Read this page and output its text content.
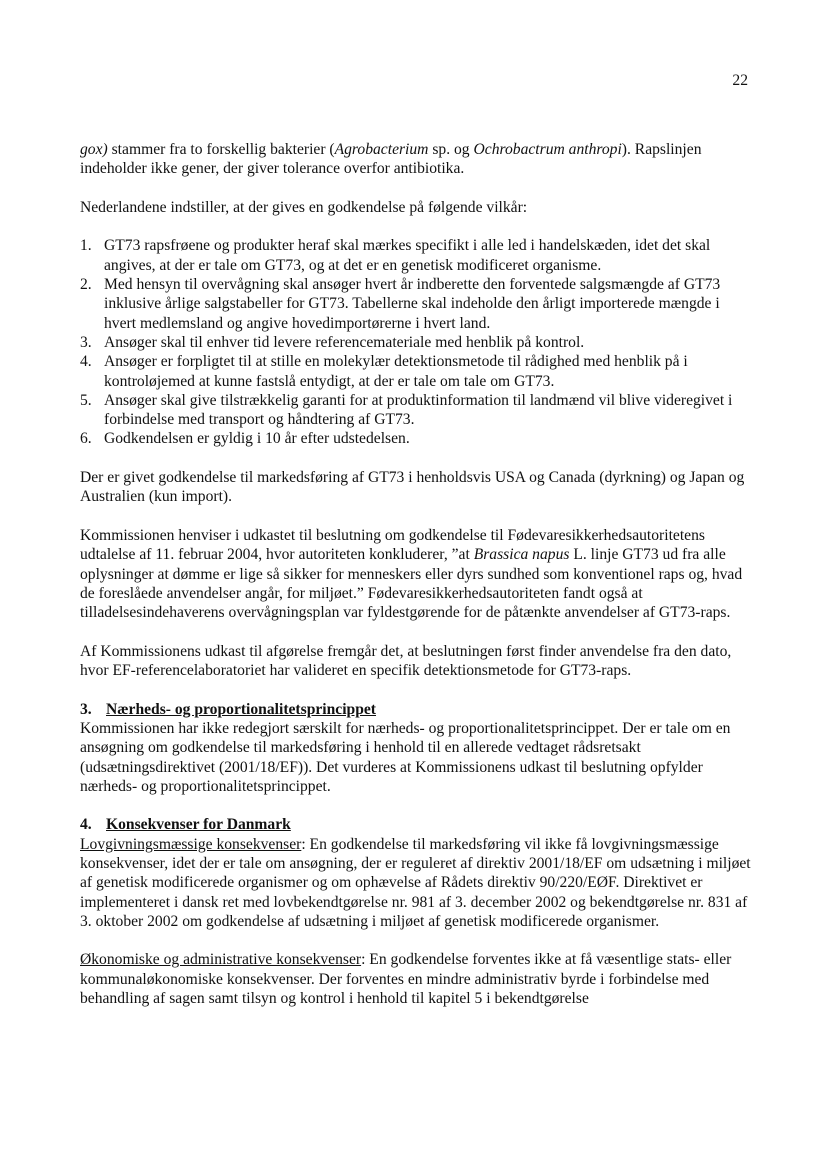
22

gox) stammer fra to forskellig bakterier (Agrobacterium sp. og Ochrobactrum anthropi). Rapslinjen indeholder ikke gener, der giver tolerance overfor antibiotika.

Nederlandene indstiller, at der gives en godkendelse på følgende vilkår:

1. GT73 rapsfrøene og produkter heraf skal mærkes specifikt i alle led i handelskæden, idet det skal angives, at der er tale om GT73, og at det er en genetisk modificeret organisme.
2. Med hensyn til overvågning skal ansøger hvert år indberette den forventede salgsmængde af GT73 inklusive årlige salgstabeller for GT73. Tabellerne skal indeholde den årligt importerede mængde i hvert medlemsland og angive hovedimportørerne i hvert land.
3. Ansøger skal til enhver tid levere referencemateriale med henblik på kontrol.
4. Ansøger er forpligtet til at stille en molekylær detektionsmetode til rådighed med henblik på i kontroløjemed at kunne fastslå entydigt, at der er tale om tale om GT73.
5. Ansøger skal give tilstrækkelig garanti for at produktinformation til landmænd vil blive videregivet i forbindelse med transport og håndtering af GT73.
6. Godkendelsen er gyldig i 10 år efter udstedelsen.

Der er givet godkendelse til markedsføring af GT73 i henholdsvis USA og Canada (dyrkning) og Japan og Australien (kun import).

Kommissionen henviser i udkastet til beslutning om godkendelse til Fødevaresikkerhedsautoritetens udtalelse af 11. februar 2004, hvor autoriteten konkluderer, ”at Brassica napus L. linje GT73 ud fra alle oplysninger at dømme er lige så sikker for menneskers eller dyrs sundhed som konventionel raps og, hvad de foreslåede anvendelser angår, for miljøet.” Fødevaresikkerhedsautoriteten fandt også at tilladelsesindehaverens overvågningsplan var fyldestgørende for de påtænkte anvendelser af GT73-raps.

Af Kommissionens udkast til afgørelse fremgår det, at beslutningen først finder anvendelse fra den dato, hvor EF-referencelaboratoriet har valideret en specifik detektionsmetode for GT73-raps.

3. Nærheds- og proportionalitetsprincippet

Kommissionen har ikke redegjort særskilt for nærheds- og proportionalitetsprincippet. Der er tale om en ansøgning om godkendelse til markedsføring i henhold til en allerede vedtaget rådsretsakt (udsætningsdirektivet (2001/18/EF)). Det vurderes at Kommissionens udkast til beslutning opfylder nærheds- og proportionalitetsprincippet.

4. Konsekvenser for Danmark

Lovgivningsmæssige konsekvenser: En godkendelse til markedsføring vil ikke få lovgivningsmæssige konsekvenser, idet der er tale om ansøgning, der er reguleret af direktiv 2001/18/EF om udsætning i miljøet af genetisk modificerede organismer og om ophævelse af Rådets direktiv 90/220/EØF. Direktivet er implementeret i dansk ret med lovbekendtgørelse nr. 981 af 3. december 2002 og bekendtgørelse nr. 831 af 3. oktober 2002 om godkendelse af udsætning i miljøet af genetisk modificerede organismer.

Økonomiske og administrative konsekvenser: En godkendelse forventes ikke at få væsentlige stats- eller kommunaløkonomiske konsekvenser. Der forventes en mindre administrativ byrde i forbindelse med behandling af sagen samt tilsyn og kontrol i henhold til kapitel 5 i bekendtgørelse
